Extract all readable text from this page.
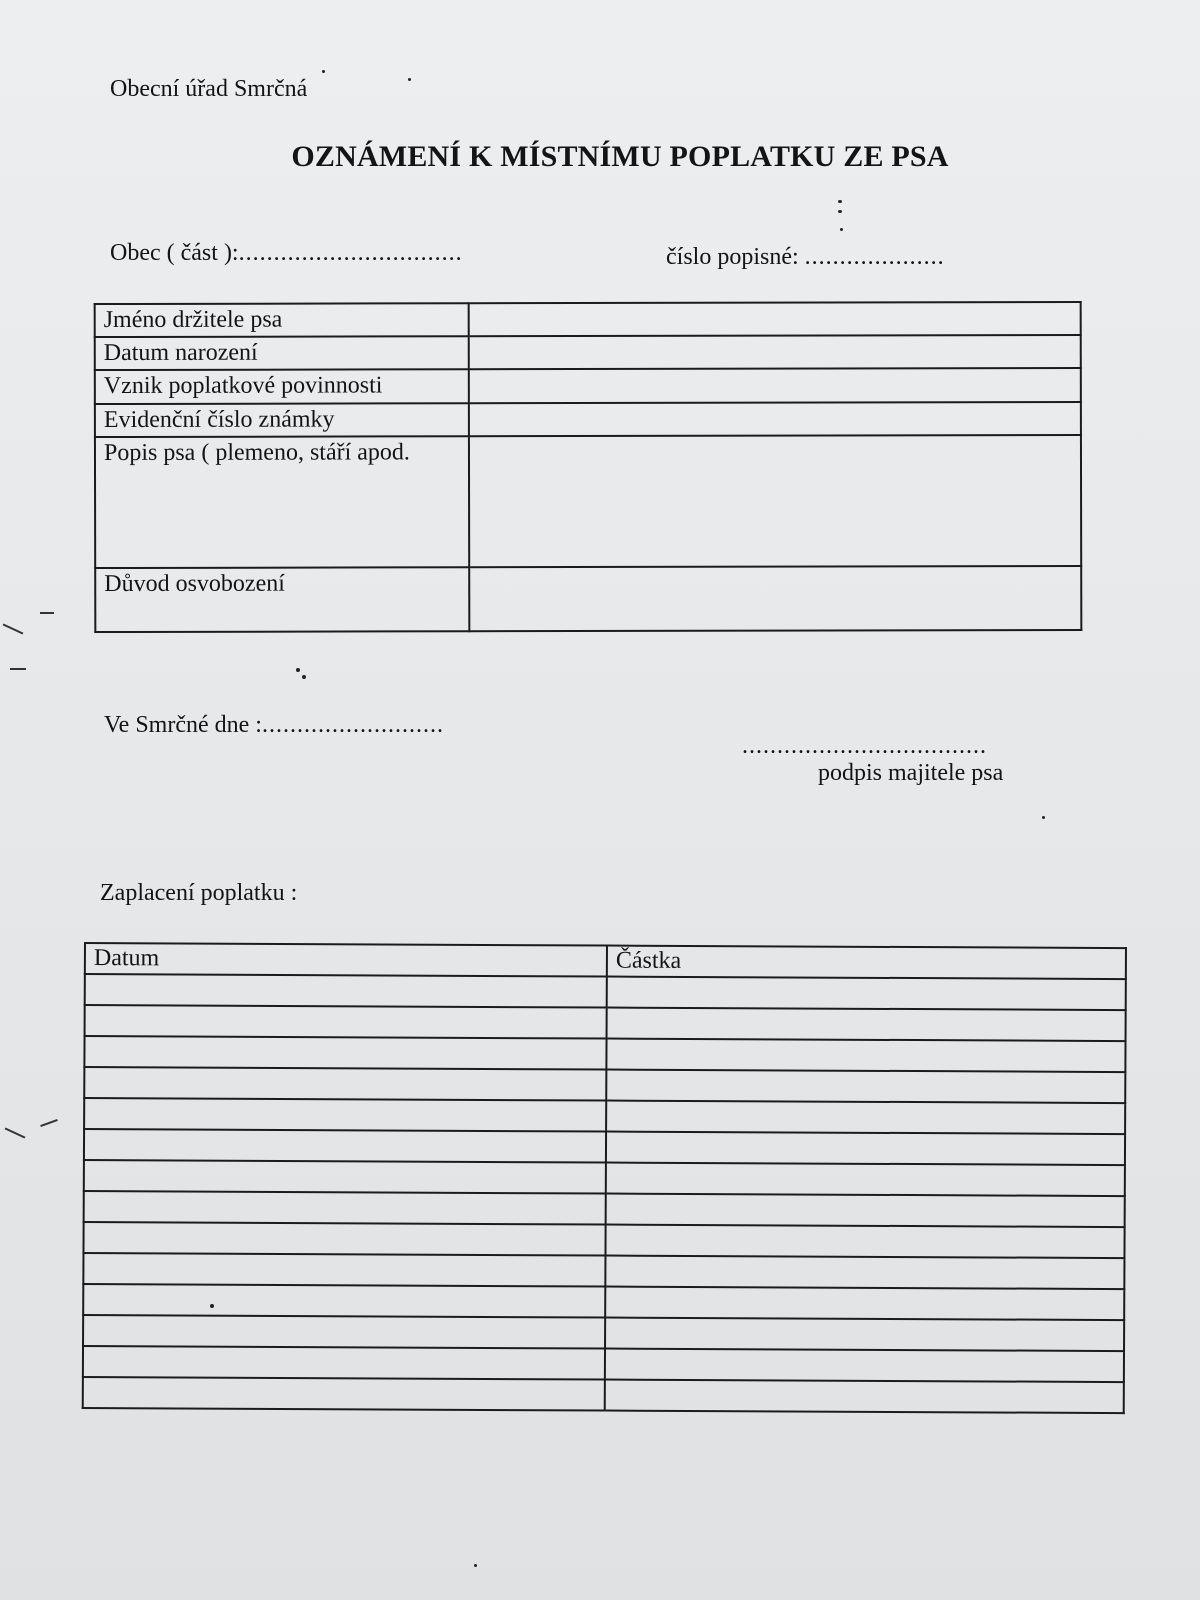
Obecní úřad Smrčná
OZNÁMENÍ K MÍSTNÍMU POPLATKU ZE PSA
Obec ( část ):................................	číslo popisné: ....................
Jméno držitele psa	
Datum narození	
Vznik poplatkové povinnosti	
Evidenční číslo známky	
Popis psa ( plemeno, stáří apod.	
Důvod osvobození	
Ve Smrčné dne :..........................
...................................
podpis majitele psa
Zaplacení poplatku :
Datum	Částka
